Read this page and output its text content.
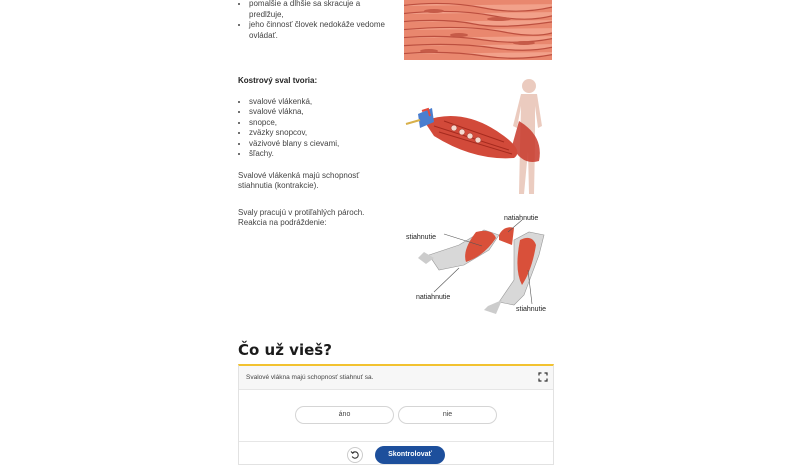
• pomalšie a dlhšie sa skracuje a predlžuje,
• jeho činnosť človek nedokáže vedome ovládať.
Kostrový sval tvoria:
• svalové vlákenká,
• svalové vlákna,
• snopce,
• zväzky snopcov,
• väzivové blany s cievami,
• šľachy.
Svalové vlákenká majú schopnosť stiahnutia (kontrakcie).
Svaly pracujú v protiľahlých pároch. Reakcia na podráždenie:	natiahnutie
stiahnutie
natiahnutie
stiahnutie
Čo už vieš?
Svalové vlákna majú schopnosť stiahnuť sa.
áno	nie
Skontrolovať
